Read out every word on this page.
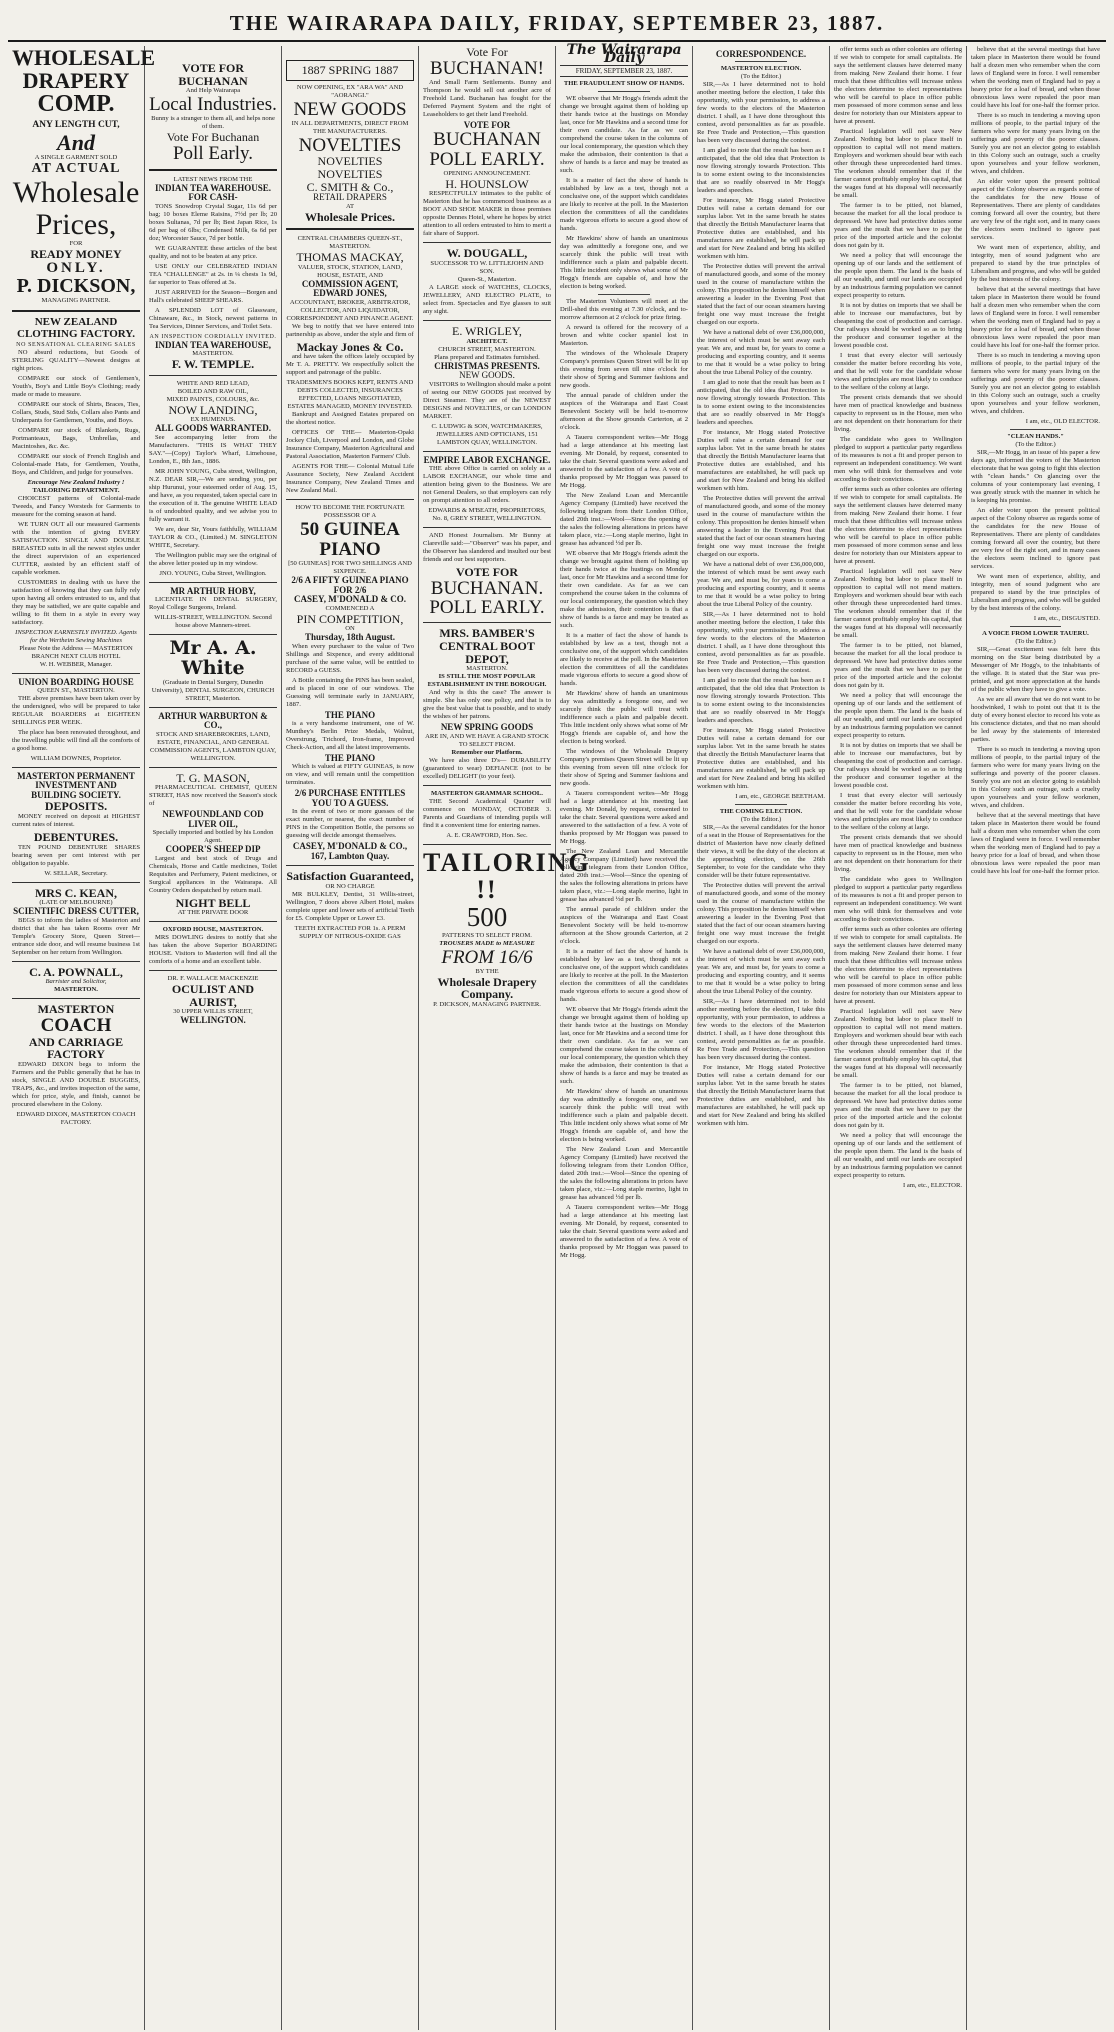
THE WAIRARAPA DAILY, FRIDAY, SEPTEMBER 23, 1887.
WHOLESALE
DRAPERY
COMP.
ANY LENGTH CUT,
And
A SINGLE GARMENT SOLD
AT ACTUAL
Wholesale
Prices,
FOR
READY MONEY
ONLY.
P. DICKSON,
MANAGING PARTNER.
NEW ZEALAND CLOTHING FACTORY.
NO SENSATIONAL CLEARING SALES
NO absurd reductions, but Goods of STERLING QUALITY—Newest designs at right prices.
COMPARE our stock of Gentlemen's, Youth's, Boy's and Little Boy's Clothing; ready made or made to measure.
COMPARE our stock of Shirts, Braces, Ties, Collars, Studs, Stud Stds, Collars also Pants and Underpants for Gentlemen, Youths, and Boys.
COMPARE our stock of Blankets, Rugs, Portmanteaux, Bags, Umbrellas, and Macintoshes, &c. &c.
COMPARE our stock of French English and Colonial-made Hats, for Gentlemen, Youths, Boys, and Children, and judge for yourselves.
Encourage New Zealand Industry !
TAILORING DEPARTMENT.
CHOICEST patterns of Colonial-made Tweeds, and Fancy Worsteds for Garments to measure for the coming season at hand.
WE TURN OUT all our measured Garments with the intention of giving EVERY SATISFACTION. SINGLE AND DOUBLE BREASTED suits in all the newest styles under the direct supervision of an experienced CUTTER, assisted by an efficient staff of capable workmen.
CUSTOMERS in dealing with us have the satisfaction of knowing that they can fully rely upon having all orders entrusted to us, and that they may be satisfied, we are quite capable and willing to fit them in a style in every way satisfactory.
INSPECTION EARNESTLY INVITED. Agents for the Wertheim Sewing Machines
Please Note the Address — MASTERTON BRANCH NEXT CLUB HOTEL
W. H. WEBBER, Manager.
UNION BOARDING HOUSE
QUEEN ST., MASTERTON.
THE above premises have been taken over by the undersigned, who will be prepared to take REGULAR BOARDERS at EIGHTEEN SHILLINGS PER WEEK.
The place has been renovated throughout, and the travelling public will find all the comforts of a good home.
WILLIAM DOWNES, Proprietor.
MASTERTON PERMANENT INVESTMENT AND BUILDING SOCIETY.
DEPOSITS.
MONEY received on deposit at HIGHEST current rates of interest.
DEBENTURES.
TEN POUND DEBENTURE SHARES bearing seven per cent interest with per obligation to payable.
W. SELLAR, Secretary.
MRS C. KEAN,
(LATE OF MELBOURNE)
SCIENTIFIC DRESS CUTTER,
BEGS to inform the ladies of Masterton and district that she has taken Rooms over Mr Temple's Grocery Store, Queen Street—entrance side door, and will resume business 1st September on her return from Wellington.
C. A. POWNALL,
Barrister and Solicitor,
MASTERTON.
MASTERTON
COACH
AND CARRIAGE FACTORY
EDWARD DIXON begs to inform the Farmers and the Public generally that he has in stock, SINGLE AND DOUBLE BUGGIES, TRAPS, &c., and invites inspection of the same, which for price, style, and finish, cannot be procured elsewhere in the Colony.
EDWARD DIXON, MASTERTON COACH FACTORY.
VOTE FOR BUCHANAN
And Help Wairarapa
Local Industries.
Bunny is a stranger to them all, and helps none of them.
Vote For Buchanan
Poll Early.
LATEST NEWS FROM THE
INDIAN TEA WAREHOUSE.
FOR CASH-
TONS Snowdrop Crystal Sugar, 11s 6d per bag; 10 boxes Eleme Raisins, 7½d per lb; 20 boxes Sultanas, 7d per lb; Best Japan Rice, 1s 6d per bag of 6lbs; Condensed Milk, 6s 6d per doz; Worcester Sauce, 7d per bottle.
WE GUARANTEE these articles of the best quality, and not to be beaten at any price.
USE ONLY our CELEBRATED INDIAN TEA "CHALLENGE" at 2s. in ¼ chests 1s 9d, far superior to Teas offered at 3s.
JUST ARRIVED for the Season—Borgen and Hall's celebrated SHEEP SHEARS.
A SPLENDID LOT of Glassware, Chinaware, &c., in Stock, newest patterns in Tea Services, Dinner Services, and Toilet Sets.
AN INSPECTION CORDIALLY INVITED.
INDIAN TEA WAREHOUSE,
MASTERTON.
F. W. TEMPLE.
WHITE AND RED LEAD,
BOILED AND RAW OIL,
MIXED PAINTS, COLOURS, &c.
NOW LANDING,
EX HUMENUS.
ALL GOODS WARRANTED.
See accompanying letter from the Manufacturers. "THIS IS WHAT THEY SAY."—(Copy) Taylor's Wharf, Limehouse, London, E., 8th Jan., 1886.
MR JOHN YOUNG, Cuba street, Wellington, N.Z. DEAR SIR,—We are sending you, per ship Hurunui, your esteemed order of Aug. 15, and have, as you requested, taken special care in the execution of it. The genuine WHITE LEAD is of undoubted quality, and we advise you to fully warrant it.
We are, dear Sir, Yours faithfully, WILLIAM TAYLOR & CO., (Limited.) M. SINGLETON WHITE, Secretary.
The Wellington public may see the original of the above letter posted up in my window.
JNO. YOUNG, Cuba Street, Wellington.
MR ARTHUR HOBY,
LICENTIATE IN DENTAL SURGERY, Royal College Surgeons, Ireland.
WILLIS-STREET, WELLINGTON. Second house above Manners-street.
Mr A. A. White
(Graduate in Dental Surgery, Dunedin University), DENTAL SURGEON, CHURCH STREET, Masterton.
ARTHUR WARBURTON & CO.,
STOCK AND SHAREBROKERS, LAND, ESTATE, FINANCIAL, AND GENERAL COMMISSION AGENTS, LAMBTON QUAY, WELLINGTON.
T. G. MASON,
PHARMACEUTICAL CHEMIST, QUEEN STREET, HAS now received the Season's stock of
NEWFOUNDLAND COD LIVER OIL,
Specially imported and bottled by his London Agent.
COOPER'S SHEEP DIP
Largest and best stock of Drugs and Chemicals, Horse and Cattle medicines, Toilet Requisites and Perfumery, Patent medicines, or Surgical appliances in the Wairarapa. All Country Orders despatched by return mail.
NIGHT BELL
AT THE PRIVATE DOOR
OXFORD HOUSE, MASTERTON.
MRS DOWLING desires to notify that she has taken the above Superior BOARDING HOUSE. Visitors to Masterton will find all the comforts of a home and an excellent table.
DR. F. WALLACE MACKENZIE
OCULIST AND AURIST,
30 UPPER WILLIS STREET,
WELLINGTON.
1887 SPRING 1887
NOW OPENING, EX "ARA WA" AND "AORANGI."
NEW GOODS
IN ALL DEPARTMENTS, DIRECT FROM THE MANUFACTURERS.
NOVELTIES
NOVELTIES NOVELTIES
C. SMITH & Co.,
RETAIL DRAPERS
AT
Wholesale Prices.
CENTRAL CHAMBERS QUEEN-ST., MASTERTON.
THOMAS MACKAY,
VALUER, STOCK, STATION, LAND, HOUSE, ESTATE, AND
COMMISSION AGENT,
EDWARD JONES,
ACCOUNTANT, BROKER, ARBITRATOR, COLLECTOR, AND LIQUIDATOR, CORRESPONDENT AND FINANCE AGENT.
We beg to notify that we have entered into partnership as above, under the style and firm of
Mackay Jones & Co.
and have taken the offices lately occupied by Mr T. A. PRETTY. We respectfully solicit the support and patronage of the public.
TRADESMEN'S BOOKS KEPT, RENTS AND DEBTS COLLECTED, INSURANCES EFFECTED, LOANS NEGOTIATED, ESTATES MANAGED, MONEY INVESTED.
Bankrupt and Assigned Estates prepared on the shortest notice.
OFFICES OF THE— Masterton-Opaki Jockey Club, Liverpool and London, and Globe Insurance Company, Masterton Agricultural and Pastoral Association, Masterton Farmers' Club.
AGENTS FOR THE— Colonial Mutual Life Assurance Society, New Zealand Accident Insurance Company, New Zealand Times and New Zealand Mail.
HOW TO BECOME THE FORTUNATE POSSESSOR OF A
50 GUINEA PIANO
[50 GUINEAS] FOR TWO SHILLINGS AND SIXPENCE.
2/6 A FIFTY GUINEA PIANO FOR 2/6
CASEY, M'DONALD & CO.
COMMENCED A
PIN COMPETITION,
ON
Thursday, 18th August.
When every purchaser to the value of Two Shillings and Sixpence, and every additional purchase of the same value, will be entitled to RECORD a GUESS.
A Bottle containing the PINS has been sealed, and is placed in one of our windows. The Guessing will terminate early in JANUARY, 1887.
THE PIANO
is a very handsome instrument, one of W. Munthey's Berlin Prize Medals, Walnut, Overstrung, Trichord, Iron-frame, Improved Check-Action, and all the latest improvements.
THE PIANO
Which is valued at FIFTY GUINEAS, is now on view, and will remain until the competition terminates.
2/6 PURCHASE ENTITLES YOU TO A GUESS.
In the event of two or more guesses of the exact number, or nearest, the exact number of PINS in the Competition Bottle, the persons so guessing will decide amongst themselves.
CASEY, M'DONALD & CO.,
167, Lambton Quay.
Satisfaction Guaranteed,
OR NO CHARGE
MR BULKLEY, Dentist, 31 Willis-street, Wellington, 7 doors above Albert Hotel, makes complete upper and lower sets of artificial Teeth for £5. Complete Upper or Lower £3.
TEETH EXTRACTED FOR 1s. A PERM SUPPLY OF NITROUS-OXIDE GAS
Vote For
BUCHANAN!
And Small Farm Settlements. Bunny and Thompson he would sell out another acre of Freehold Land. Buchanan has fought for the Deferred Payment System and the right of Leaseholders to get their land Freehold.
VOTE FOR
BUCHANAN
POLL EARLY.
OPENING ANNOUNCEMENT.
H. HOUNSLOW
RESPECTFULLY intimates to the public of Masterton that he has commenced business as a BOOT AND SHOE MAKER in those premises opposite Dennes Hotel, where he hopes by strict attention to all orders entrusted to him to merit a fair share of Support.
W. DOUGALL,
SUCCESSOR TO W. LITTLEJOHN AND SON.
Queen-St., Masterton.
A LARGE stock of WATCHES, CLOCKS, JEWELLERY, AND ELECTRO PLATE, to select from. Spectacles and Eye glasses to suit any sight.
E. WRIGLEY,
ARCHITECT.
CHURCH STREET, MASTERTON.
Plans prepared and Estimates furnished.
CHRISTMAS PRESENTS.
NEW GOODS.
VISITORS to Wellington should make a point of seeing our NEW GOODS just received by Direct Steamer. They are of the NEWEST DESIGNS and NOVELTIES, or can LONDON MARKET.
C. LUDWIG & SON, WATCHMAKERS, JEWELLERS AND OPTICIANS, 151 LAMBTON QUAY, WELLINGTON.
EMPIRE LABOR EXCHANGE.
THE above Office is carried on solely as a LABOR EXCHANGE, our whole time and attention being given to the Business. We are not General Dealers, so that employers can rely on prompt attention to all orders.
EDWARDS & M'BEATH, PROPRIETORS, No. 8, GREY STREET, WELLINGTON.
AND Honest Journalism. Mr Bunny at Clareville said:—"Observer" was his paper, and the Observer has slandered and insulted our best friends and our best supporters.
VOTE FOR
BUCHANAN.
POLL EARLY.
MRS. BAMBER'S
CENTRAL BOOT DEPOT,
MASTERTON.
IS STILL THE MOST POPULAR ESTABLISHMENT IN THE BOROUGH.
And why is this the case? The answer is simple. She has only one policy, and that is to give the best value that is possible, and to study the wishes of her patrons.
NEW SPRING GOODS
ARE IN, AND WE HAVE A GRAND STOCK TO SELECT FROM.
Remember our Platform.
We have also three D's— DURABILITY (guaranteed to wear) DEFIANCE (not to be excelled) DELIGHT (to your feet).
MASTERTON GRAMMAR SCHOOL.
THE Second Academical Quarter will commence on MONDAY, OCTOBER 3. Parents and Guardians of intending pupils will find it a convenient time for entering names.
A. E. CRAWFORD, Hon. Sec.
TAILORING !!
500
PATTERNS TO SELECT FROM.
TROUSERS MADE to MEASURE
FROM 16/6
BY THE
Wholesale Drapery Company.
P. DICKSON, MANAGING PARTNER.
The Wairarapa Daily
FRIDAY, SEPTEMBER 23, 1887.
THE FRAUDULENT SHOW OF HANDS.
WE observe that Mr Hogg's friends admit the change we brought against them of holding up their hands twice at the hustings on Monday last, once for Mr Hawkins and a second time for their own candidate. As far as we can comprehend the course taken in the columns of our local contemporary, the question which they make the admission, their contention is that a show of hands is a farce and may be treated as such.
It is a matter of fact the show of hands is established by law as a test, though not a conclusive one, of the support which candidates are likely to receive at the poll. In the Masterton election the committees of all the candidates made vigorous efforts to secure a good show of hands.
Mr Hawkins' show of hands an unanimous day was admittedly a foregone one, and we scarcely think the public will treat with indifference such a plain and palpable deceit. This little incident only shows what some of Mr Hogg's friends are capable of, and how the election is being worked.
The Masterton Volunteers will meet at the Drill-shed this evening at 7.30 o'clock, and to-morrow afternoon at 2 o'clock for prize firing.
A reward is offered for the recovery of a brown and white cocker spaniel lost in Masterton.
The windows of the Wholesale Drapery Company's premises Queen Street will be lit up this evening from seven till nine o'clock for their show of Spring and Summer fashions and new goods.
The annual parade of children under the auspices of the Wairarapa and East Coast Benevolent Society will be held to-morrow afternoon at the Show grounds Carterton, at 2 o'clock.
A Taueru correspondent writes—Mr Hogg had a large attendance at his meeting last evening. Mr Donald, by request, consented to take the chair. Several questions were asked and answered to the satisfaction of a few. A vote of thanks proposed by Mr Hoggan was passed to Mr Hogg.
The New Zealand Loan and Mercantile Agency Company (Limited) have received the following telegram from their London Office, dated 20th inst.:—Wool—Since the opening of the sales the following alterations in prices have taken place, viz.:—Long staple merino, light in grease has advanced ½d per lb.
WE observe that Mr Hogg's friends admit the change we brought against them of holding up their hands twice at the hustings on Monday last, once for Mr Hawkins and a second time for their own candidate. As far as we can comprehend the course taken in the columns of our local contemporary, the question which they make the admission, their contention is that a show of hands is a farce and may be treated as such.
It is a matter of fact the show of hands is established by law as a test, though not a conclusive one, of the support which candidates are likely to receive at the poll. In the Masterton election the committees of all the candidates made vigorous efforts to secure a good show of hands.
Mr Hawkins' show of hands an unanimous day was admittedly a foregone one, and we scarcely think the public will treat with indifference such a plain and palpable deceit. This little incident only shows what some of Mr Hogg's friends are capable of, and how the election is being worked.
The windows of the Wholesale Drapery Company's premises Queen Street will be lit up this evening from seven till nine o'clock for their show of Spring and Summer fashions and new goods.
A Taueru correspondent writes—Mr Hogg had a large attendance at his meeting last evening. Mr Donald, by request, consented to take the chair. Several questions were asked and answered to the satisfaction of a few. A vote of thanks proposed by Mr Hoggan was passed to Mr Hogg.
The New Zealand Loan and Mercantile Agency Company (Limited) have received the following telegram from their London Office, dated 20th inst.:—Wool—Since the opening of the sales the following alterations in prices have taken place, viz.:—Long staple merino, light in grease has advanced ½d per lb.
The annual parade of children under the auspices of the Wairarapa and East Coast Benevolent Society will be held to-morrow afternoon at the Show grounds Carterton, at 2 o'clock.
It is a matter of fact the show of hands is established by law as a test, though not a conclusive one, of the support which candidates are likely to receive at the poll. In the Masterton election the committees of all the candidates made vigorous efforts to secure a good show of hands.
WE observe that Mr Hogg's friends admit the change we brought against them of holding up their hands twice at the hustings on Monday last, once for Mr Hawkins and a second time for their own candidate. As far as we can comprehend the course taken in the columns of our local contemporary, the question which they make the admission, their contention is that a show of hands is a farce and may be treated as such.
Mr Hawkins' show of hands an unanimous day was admittedly a foregone one, and we scarcely think the public will treat with indifference such a plain and palpable deceit. This little incident only shows what some of Mr Hogg's friends are capable of, and how the election is being worked.
The New Zealand Loan and Mercantile Agency Company (Limited) have received the following telegram from their London Office, dated 20th inst.:—Wool—Since the opening of the sales the following alterations in prices have taken place, viz.:—Long staple merino, light in grease has advanced ½d per lb.
A Taueru correspondent writes—Mr Hogg had a large attendance at his meeting last evening. Mr Donald, by request, consented to take the chair. Several questions were asked and answered to the satisfaction of a few. A vote of thanks proposed by Mr Hoggan was passed to Mr Hogg.
CORRESPONDENCE.
MASTERTON ELECTION.
(To the Editor.)
SIR,—As I have determined not to hold another meeting before the election, I take this opportunity, with your permission, to address a few words to the electors of the Masterton district. I shall, as I have done throughout this contest, avoid personalities as far as possible. Re Free Trade and Protection,—This question has been very discussed during the contest.
I am glad to note that the result has been as I anticipated, that the old idea that Protection is now flowing strongly towards Protection. This is to some extent owing to the inconsistencies that are so readily observed in Mr Hogg's leaders and speeches.
For instance, Mr Hogg stated Protective Duties will raise a certain demand for our surplus labor. Yet in the same breath he states that directly the British Manufacturer learns that Protective duties are established, and his manufactures are established, he will pack up and start for New Zealand and bring his skilled workmen with him.
The Protective duties will prevent the arrival of manufactured goods, and some of the money used in the course of manufacture within the colony. This proposition he denies himself when answering a leader in the Evening Post that stated that the fact of our ocean steamers having freight one way must increase the freight charged on our exports.
We have a national debt of over £36,000,000, the interest of which must be sent away each year. We are, and must be, for years to come a producing and exporting country, and it seems to me that it would be a wise policy to bring about the true Liberal Policy of the country.
I am glad to note that the result has been as I anticipated, that the old idea that Protection is now flowing strongly towards Protection. This is to some extent owing to the inconsistencies that are so readily observed in Mr Hogg's leaders and speeches.
For instance, Mr Hogg stated Protective Duties will raise a certain demand for our surplus labor. Yet in the same breath he states that directly the British Manufacturer learns that Protective duties are established, and his manufactures are established, he will pack up and start for New Zealand and bring his skilled workmen with him.
The Protective duties will prevent the arrival of manufactured goods, and some of the money used in the course of manufacture within the colony. This proposition he denies himself when answering a leader in the Evening Post that stated that the fact of our ocean steamers having freight one way must increase the freight charged on our exports.
We have a national debt of over £36,000,000, the interest of which must be sent away each year. We are, and must be, for years to come a producing and exporting country, and it seems to me that it would be a wise policy to bring about the true Liberal Policy of the country.
SIR,—As I have determined not to hold another meeting before the election, I take this opportunity, with your permission, to address a few words to the electors of the Masterton district. I shall, as I have done throughout this contest, avoid personalities as far as possible. Re Free Trade and Protection,—This question has been very discussed during the contest.
I am glad to note that the result has been as I anticipated, that the old idea that Protection is now flowing strongly towards Protection. This is to some extent owing to the inconsistencies that are so readily observed in Mr Hogg's leaders and speeches.
For instance, Mr Hogg stated Protective Duties will raise a certain demand for our surplus labor. Yet in the same breath he states that directly the British Manufacturer learns that Protective duties are established, and his manufactures are established, he will pack up and start for New Zealand and bring his skilled workmen with him.
I am, etc., GEORGE BEETHAM.
THE COMING ELECTION.
(To the Editor.)
SIR,—As the several candidates for the honor of a seat in the House of Representatives for the district of Masterton have now clearly defined their views, it will be the duty of the electors at the approaching election, on the 26th September, to vote for the candidate who they consider will be their future representative.
The Protective duties will prevent the arrival of manufactured goods, and some of the money used in the course of manufacture within the colony. This proposition he denies himself when answering a leader in the Evening Post that stated that the fact of our ocean steamers having freight one way must increase the freight charged on our exports.
We have a national debt of over £36,000,000, the interest of which must be sent away each year. We are, and must be, for years to come a producing and exporting country, and it seems to me that it would be a wise policy to bring about the true Liberal Policy of the country.
SIR,—As I have determined not to hold another meeting before the election, I take this opportunity, with your permission, to address a few words to the electors of the Masterton district. I shall, as I have done throughout this contest, avoid personalities as far as possible. Re Free Trade and Protection,—This question has been very discussed during the contest.
For instance, Mr Hogg stated Protective Duties will raise a certain demand for our surplus labor. Yet in the same breath he states that directly the British Manufacturer learns that Protective duties are established, and his manufactures are established, he will pack up and start for New Zealand and bring his skilled workmen with him.
offer terms such as other colonies are offering if we wish to compete for small capitalists. He says the settlement clauses have deterred many from making New Zealand their home. I fear much that these difficulties will increase unless the electors determine to elect representatives who will be careful to place in office public men possessed of more common sense and less desire for notoriety than our Ministers appear to have at present.
Practical legislation will not save New Zealand. Nothing but labor to place itself in opposition to capital will not mend matters. Employers and workmen should bear with each other through these unprecedented hard times. The workmen should remember that if the farmer cannot profitably employ his capital, that the wages fund at his disposal will necessarily be small.
The farmer is to be pitied, not blamed, because the market for all the local produce is depressed. We have had protective duties some years and the result that we have to pay the price of the imported article and the colonist does not gain by it.
We need a policy that will encourage the opening up of our lands and the settlement of the people upon them. The land is the basis of all our wealth, and until our lands are occupied by an industrious farming population we cannot expect prosperity to return.
It is not by duties on imports that we shall be able to increase our manufactures, but by cheapening the cost of production and carriage. Our railways should be worked so as to bring the producer and consumer together at the lowest possible cost.
I trust that every elector will seriously consider the matter before recording his vote, and that he will vote for the candidate whose views and principles are most likely to conduce to the welfare of the colony at large.
The present crisis demands that we should have men of practical knowledge and business capacity to represent us in the House, men who are not dependent on their honorarium for their living.
The candidate who goes to Wellington pledged to support a particular party regardless of its measures is not a fit and proper person to represent an independent constituency. We want men who will think for themselves and vote according to their convictions.
offer terms such as other colonies are offering if we wish to compete for small capitalists. He says the settlement clauses have deterred many from making New Zealand their home. I fear much that these difficulties will increase unless the electors determine to elect representatives who will be careful to place in office public men possessed of more common sense and less desire for notoriety than our Ministers appear to have at present.
Practical legislation will not save New Zealand. Nothing but labor to place itself in opposition to capital will not mend matters. Employers and workmen should bear with each other through these unprecedented hard times. The workmen should remember that if the farmer cannot profitably employ his capital, that the wages fund at his disposal will necessarily be small.
The farmer is to be pitied, not blamed, because the market for all the local produce is depressed. We have had protective duties some years and the result that we have to pay the price of the imported article and the colonist does not gain by it.
We need a policy that will encourage the opening up of our lands and the settlement of the people upon them. The land is the basis of all our wealth, and until our lands are occupied by an industrious farming population we cannot expect prosperity to return.
It is not by duties on imports that we shall be able to increase our manufactures, but by cheapening the cost of production and carriage. Our railways should be worked so as to bring the producer and consumer together at the lowest possible cost.
I trust that every elector will seriously consider the matter before recording his vote, and that he will vote for the candidate whose views and principles are most likely to conduce to the welfare of the colony at large.
The present crisis demands that we should have men of practical knowledge and business capacity to represent us in the House, men who are not dependent on their honorarium for their living.
The candidate who goes to Wellington pledged to support a particular party regardless of its measures is not a fit and proper person to represent an independent constituency. We want men who will think for themselves and vote according to their convictions.
offer terms such as other colonies are offering if we wish to compete for small capitalists. He says the settlement clauses have deterred many from making New Zealand their home. I fear much that these difficulties will increase unless the electors determine to elect representatives who will be careful to place in office public men possessed of more common sense and less desire for notoriety than our Ministers appear to have at present.
Practical legislation will not save New Zealand. Nothing but labor to place itself in opposition to capital will not mend matters. Employers and workmen should bear with each other through these unprecedented hard times. The workmen should remember that if the farmer cannot profitably employ his capital, that the wages fund at his disposal will necessarily be small.
The farmer is to be pitied, not blamed, because the market for all the local produce is depressed. We have had protective duties some years and the result that we have to pay the price of the imported article and the colonist does not gain by it.
We need a policy that will encourage the opening up of our lands and the settlement of the people upon them. The land is the basis of all our wealth, and until our lands are occupied by an industrious farming population we cannot expect prosperity to return.
I am, etc., ELECTOR.
believe that at the several meetings that have taken place in Masterton there would be found half a dozen men who remember when the corn laws of England were in force. I well remember when the working men of England had to pay a heavy price for a loaf of bread, and when those obnoxious laws were repealed the poor man could have his loaf for one-half the former price.
There is so much in tendering a moving upon millions of people, to the partial injury of the farmers who were for many years living on the sufferings and poverty of the poorer classes. Surely you are not an elector going to establish in this Colony such an outrage, such a cruelty upon yourselves and your fellow workmen, wives, and children.
An elder voter upon the present political aspect of the Colony observe as regards some of the candidates for the new House of Representatives. There are plenty of candidates coming forward all over the country, but there are very few of the right sort, and in many cases the electors seem inclined to ignore past services.
We want men of experience, ability, and integrity, men of sound judgment who are prepared to stand by the true principles of Liberalism and progress, and who will be guided by the best interests of the colony.
believe that at the several meetings that have taken place in Masterton there would be found half a dozen men who remember when the corn laws of England were in force. I well remember when the working men of England had to pay a heavy price for a loaf of bread, and when those obnoxious laws were repealed the poor man could have his loaf for one-half the former price.
There is so much in tendering a moving upon millions of people, to the partial injury of the farmers who were for many years living on the sufferings and poverty of the poorer classes. Surely you are not an elector going to establish in this Colony such an outrage, such a cruelty upon yourselves and your fellow workmen, wives, and children.
I am, etc., OLD ELECTOR.
"CLEAN HANDS."
(To the Editor.)
SIR,—Mr Hogg, in an issue of his paper a few days ago, informed the voters of the Masterton electorate that he was going to fight this election with "clean hands." On glancing over the columns of your contemporary last evening, I was greatly struck with the manner in which he is keeping his promise.
An elder voter upon the present political aspect of the Colony observe as regards some of the candidates for the new House of Representatives. There are plenty of candidates coming forward all over the country, but there are very few of the right sort, and in many cases the electors seem inclined to ignore past services.
We want men of experience, ability, and integrity, men of sound judgment who are prepared to stand by the true principles of Liberalism and progress, and who will be guided by the best interests of the colony.
I am, etc., DISGUSTED.
A VOICE FROM LOWER TAUERU.
(To the Editor.)
SIR,—Great excitement was felt here this morning on the Star being distributed by a Messenger of Mr Hogg's, to the inhabitants of the village. It is stated that the Star was pre-printed, and got more appreciation at the hands of the public when they have to give a vote.
As we are all aware that we do not want to be hoodwinked, I wish to point out that it is the duty of every honest elector to record his vote as his conscience dictates, and that no man should be led away by the statements of interested parties.
There is so much in tendering a moving upon millions of people, to the partial injury of the farmers who were for many years living on the sufferings and poverty of the poorer classes. Surely you are not an elector going to establish in this Colony such an outrage, such a cruelty upon yourselves and your fellow workmen, wives, and children.
believe that at the several meetings that have taken place in Masterton there would be found half a dozen men who remember when the corn laws of England were in force. I well remember when the working men of England had to pay a heavy price for a loaf of bread, and when those obnoxious laws were repealed the poor man could have his loaf for one-half the former price.
